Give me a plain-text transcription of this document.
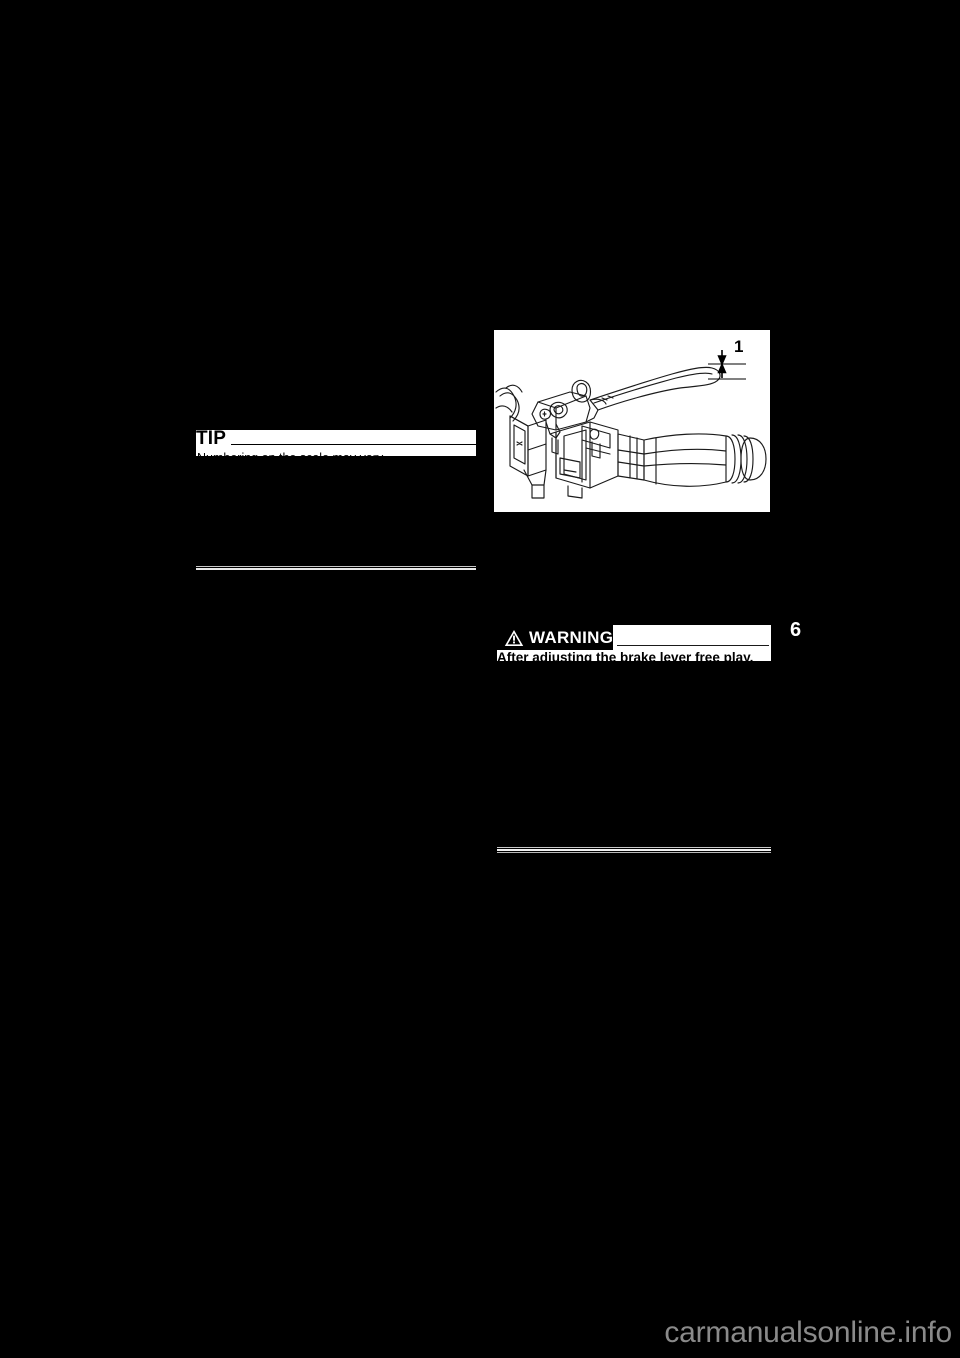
TIP
Numbering on the scale may vary.
1
WARNING
After adjusting the brake lever free play,
6
carmanualsonline.info
